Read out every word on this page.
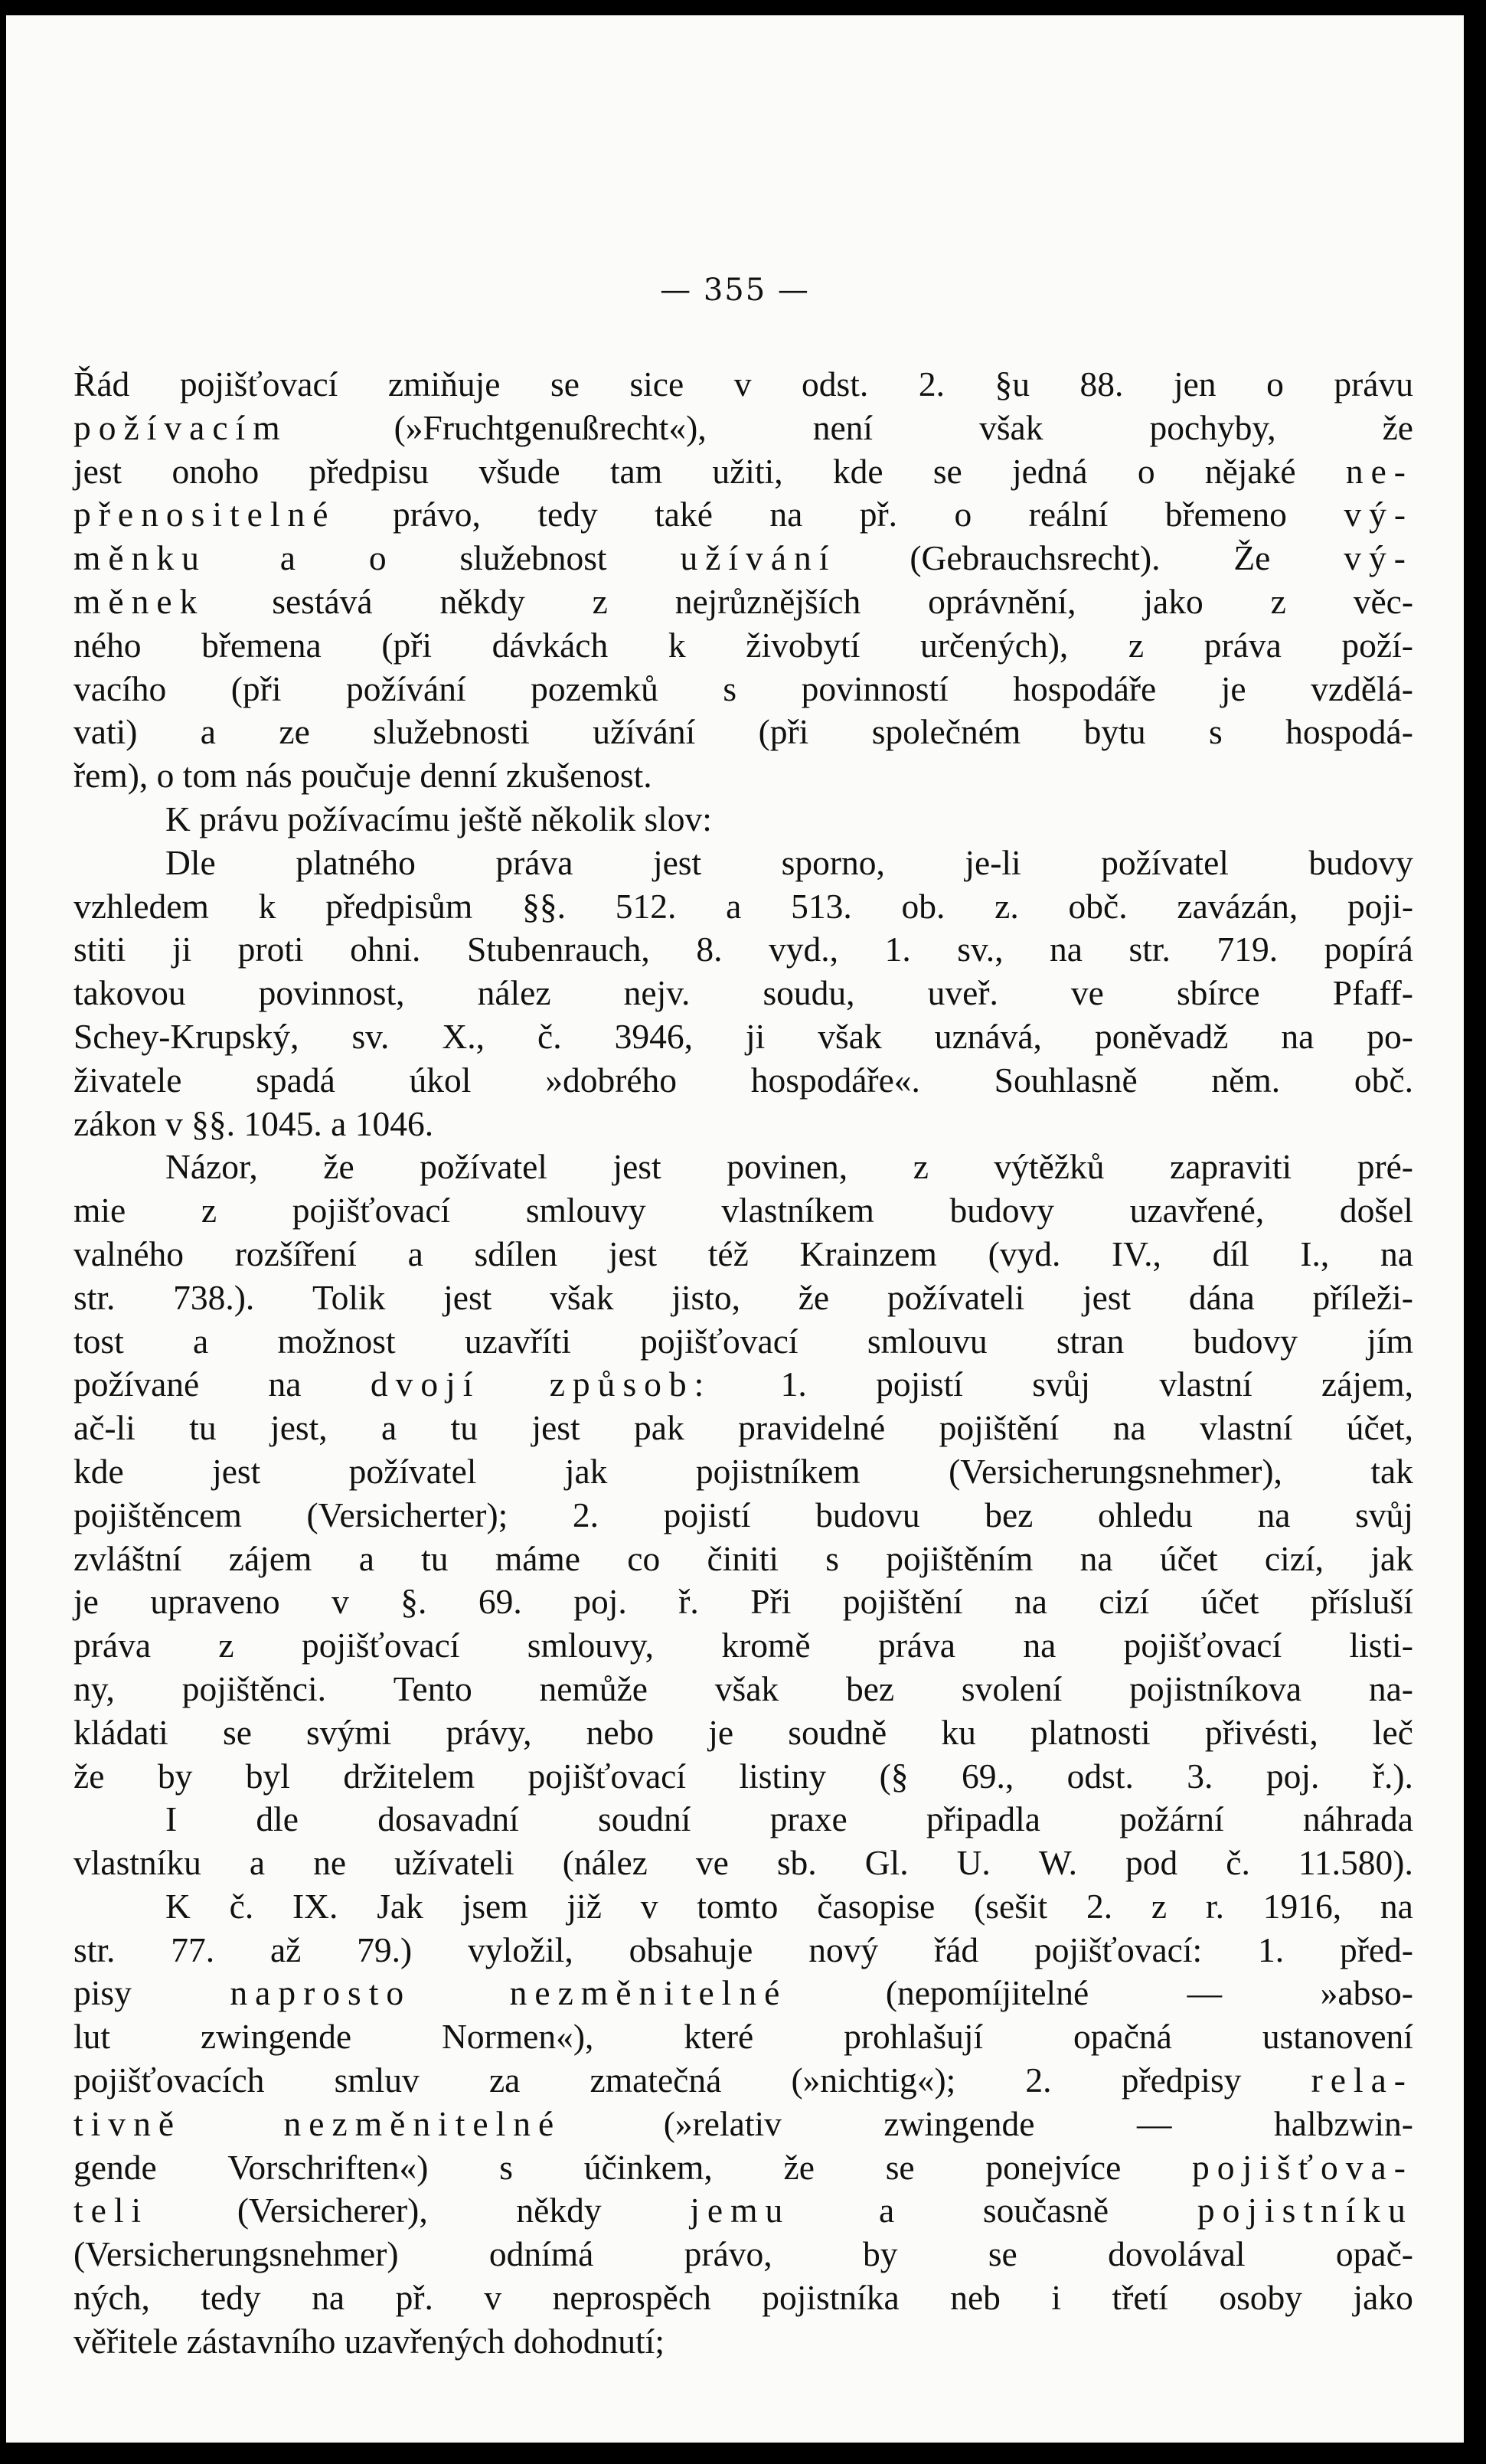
— 355 —
Řád pojišťovací zmiňuje se sice v odst. 2. §u 88. jen o právu
požívacím	(»Fruchtgenußrecht«),	není	však	pochyby,	že
jest onoho předpisu všude tam užiti, kde se jedná o nějaké ne-
přenositelné právo, tedy také na př. o reální břemeno vý-
měnku a o služebnost užívání (Gebrauchsrecht). Že vý-
měnek sestává někdy z nejrůznějších oprávnění, jako z věc-
ného břemena (při dávkách k živobytí určených), z práva poží-
vacího (při požívání pozemků s povinností hospodáře je vzdělá-
vati) a ze služebnosti užívání (při společném bytu s hospodá-
řem), o tom nás poučuje denní zkušenost.
K právu požívacímu ještě několik slov:
Dle platného práva jest sporno, je-li požívatel budovy
vzhledem k předpisům §§. 512. a 513. ob. z. obč. zavázán, poji-
stiti ji proti ohni. Stubenrauch, 8. vyd., 1. sv., na str. 719. popírá
takovou povinnost, nález nejv. soudu, uveř. ve sbírce Pfaff-
Schey-Krupský, sv. X., č. 3946, ji však uznává, poněvadž na po-
živatele spadá úkol »dobrého hospodáře«. Souhlasně něm. obč.
zákon v §§. 1045. a 1046.
Názor, že požívatel jest povinen, z výtěžků zapraviti pré-
mie z pojišťovací smlouvy vlastníkem budovy uzavřené, došel
valného rozšíření a sdílen jest též Krainzem (vyd. IV., díl I., na
str. 738.). Tolik jest však jisto, že požívateli jest dána příleži-
tost a možnost uzavříti pojišťovací smlouvu stran budovy jím
požívané na dvojí způsob: 1. pojistí svůj vlastní zájem,
ač-li tu jest, a tu jest pak pravidelné pojištění na vlastní účet,
kde	jest	požívatel	jak	pojistníkem	(Versicherungsnehmer),	tak
pojištěncem (Versicherter); 2. pojistí budovu bez ohledu na svůj
zvláštní zájem a tu máme co činiti s pojištěním na účet cizí, jak
je upraveno v §. 69. poj. ř. Při pojištění na cizí účet přísluší
práva z pojišťovací smlouvy, kromě práva na pojišťovací listi-
ny, pojištěnci. Tento nemůže však bez svolení pojistníkova na-
kládati se svými právy, nebo je soudně ku platnosti přivésti, leč
že by byl držitelem pojišťovací listiny (§ 69., odst. 3. poj. ř.).
I dle dosavadní soudní praxe připadla požární náhrada
vlastníku a ne užívateli (nález ve sb. Gl. U. W. pod č. 11.580).
K č. IX. Jak jsem již v tomto časopise (sešit 2. z r. 1916, na
str. 77. až 79.) vyložil, obsahuje nový řád pojišťovací: 1. před-
pisy	naprosto	nezměnitelné	(nepomíjitelné	—	»abso-
lut	zwingende	Normen«),	které	prohlašují	opačná	ustanovení
pojišťovacích smluv za zmatečná (»nichtig«); 2. předpisy rela-
tivně	nezměnitelné	(»relativ	zwingende	—	halbzwin-
gende Vorschriften«) s účinkem, že se ponejvíce pojišťova-
teli	(Versicherer),	někdy	jemu	a	současně	pojistníku
(Versicherungsnehmer)	odnímá	právo,	by	se	dovolával	opač-
ných, tedy na př. v neprospěch pojistníka neb i třetí osoby jako
věřitele zástavního uzavřených dohodnutí;
